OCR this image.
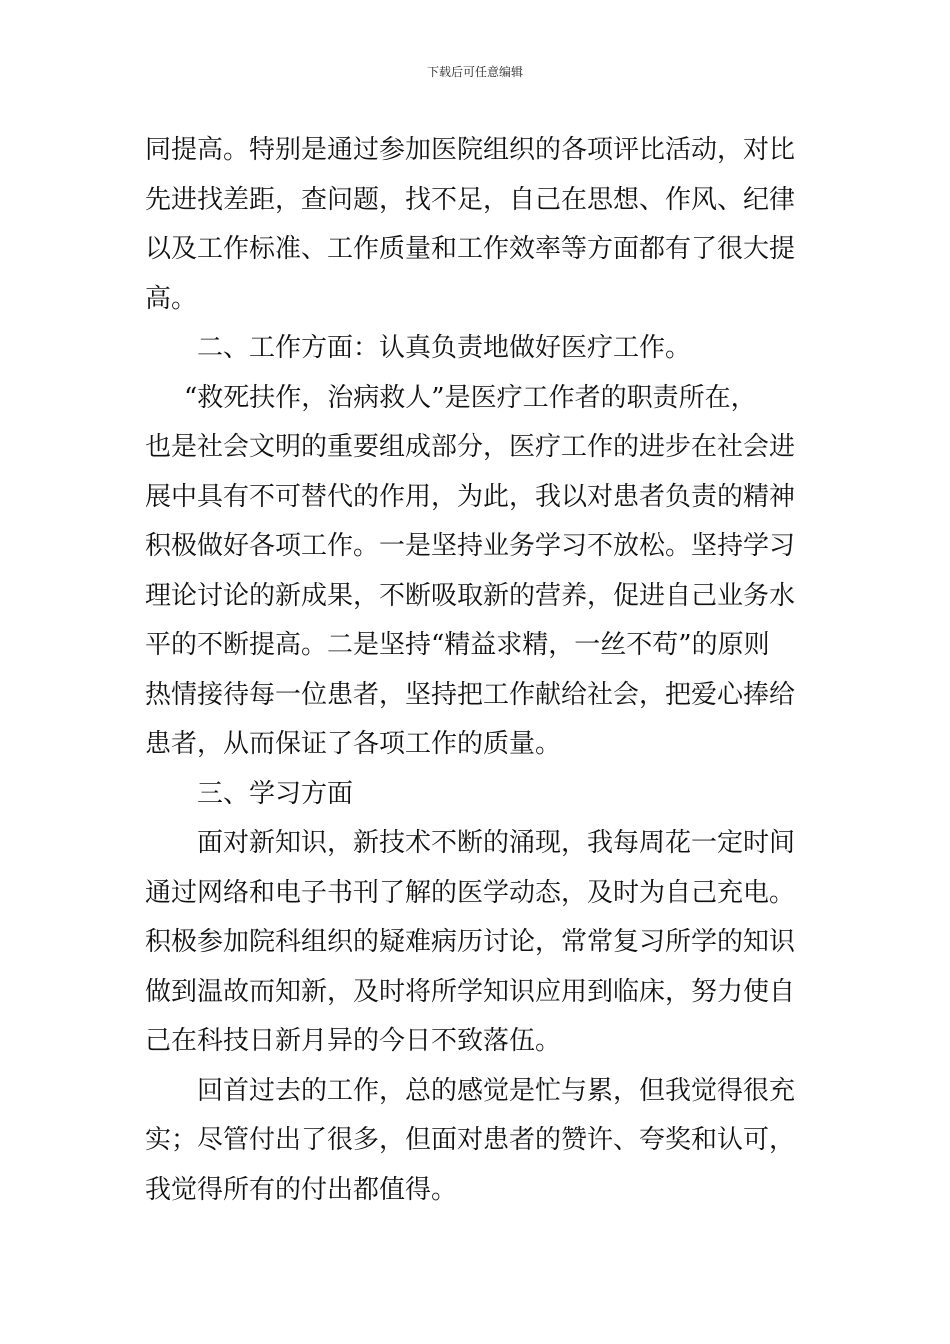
下载后可任意编辑
同提高。特别是通过参加医院组织的各项评比活动，对比
先进找差距，查问题，找不足，自己在思想、作风、纪律
以及工作标准、工作质量和工作效率等方面都有了很大提
高。
二、工作方面：认真负责地做好医疗工作。
“救死扶作，治病救人”是医疗工作者的职责所在，
也是社会文明的重要组成部分，医疗工作的进步在社会进
展中具有不可替代的作用，为此，我以对患者负责的精神
积极做好各项工作。一是坚持业务学习不放松。坚持学习
理论讨论的新成果，不断吸取新的营养，促进自己业务水
平的不断提高。二是坚持“精益求精，一丝不苟”的原则
热情接待每一位患者，坚持把工作献给社会，把爱心捧给
患者，从而保证了各项工作的质量。
三、学习方面
面对新知识，新技术不断的涌现，我每周花一定时间
通过网络和电子书刊了解的医学动态，及时为自己充电。
积极参加院科组织的疑难病历讨论，常常复习所学的知识
做到温故而知新，及时将所学知识应用到临床，努力使自
己在科技日新月异的今日不致落伍。
回首过去的工作，总的感觉是忙与累，但我觉得很充
实；尽管付出了很多，但面对患者的赞许、夸奖和认可，
我觉得所有的付出都值得。
